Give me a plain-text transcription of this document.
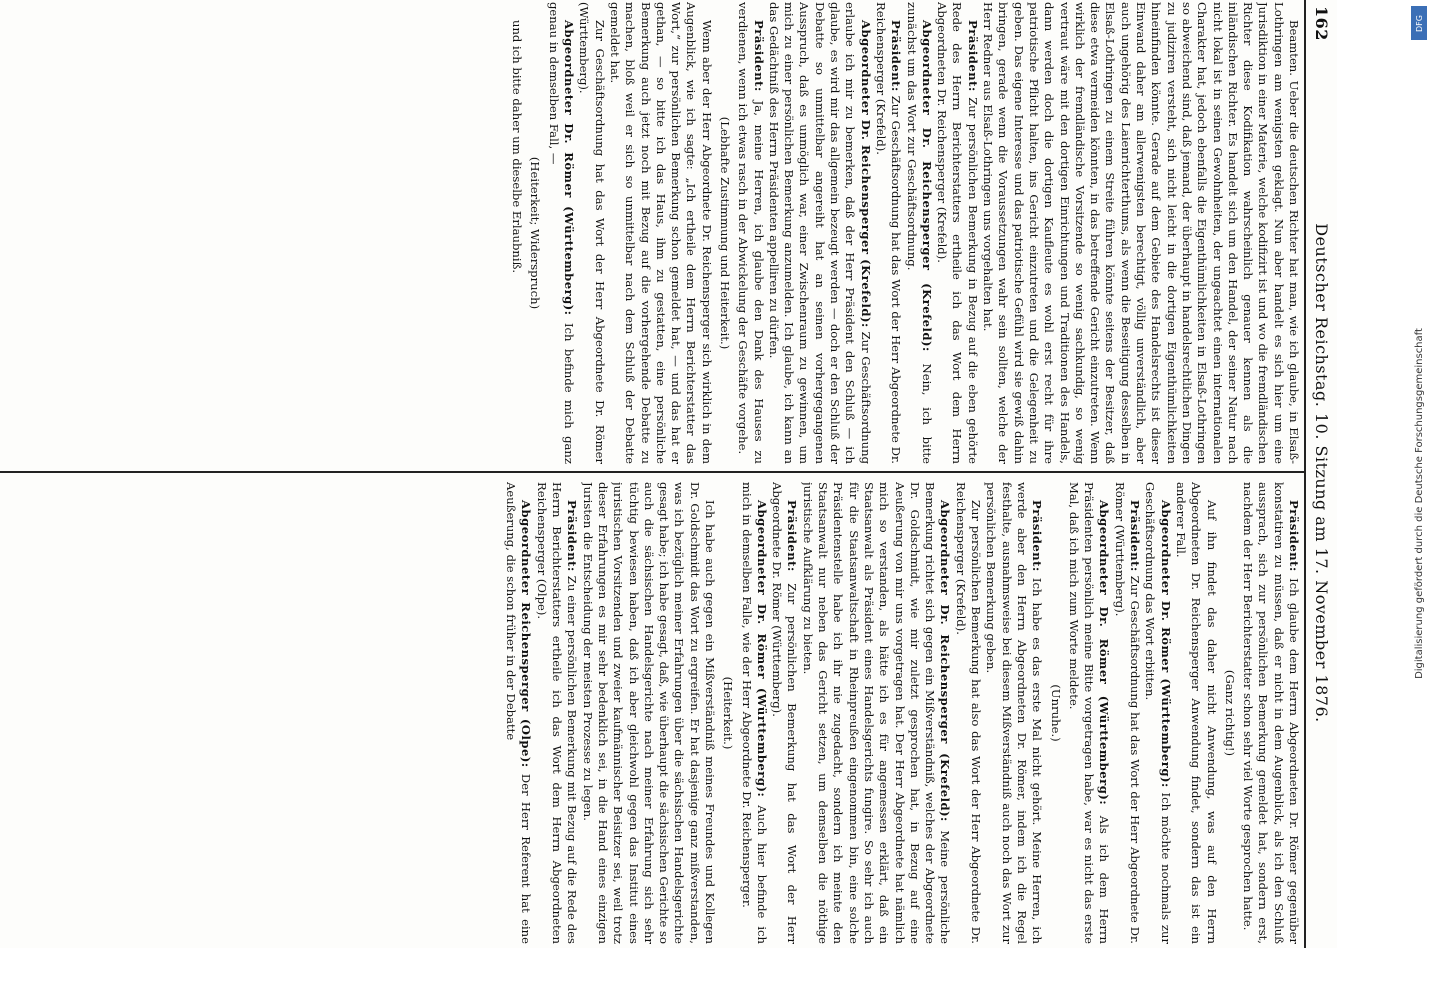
162
Deutscher Reichstag. 10. Sitzung am 17. November 1876.

Beamten. Ueber die deutschen Richter hat man, wie ich glaube, in Elsaß-Lothringen am wenigsten geklagt. Nun aber handelt es sich hier um eine Jurisdiktion in einer Materie, welche kodifizirt ist und wo die fremdländischen Richter diese Kodifikation wahrscheinlich genauer kennen als die inländischen Richter. Es handelt sich um den Handel, der seiner Natur nach nicht lokal ist in seinen Gewohnheiten, der ungeachtet einen internationalen Charakter hat, jedoch ebenfalls die Eigenthümlichkeiten in Elsaß-Lothringen so abweichend sind, daß jemand, der überhaupt in handelsrechtlichen Dingen zu judiziren versteht, sich nicht leicht in die dortigen Eigenthümlichkeiten hineinfinden könnte. Gerade auf dem Gebiete des Handelsrechts ist dieser Einwand daher am allerwenigsten berechtigt, völlig unverständlich, aber auch ungehörig des Laienrichterthums, als wenn die Beseitigung desselben in Elsaß-Lothringen zu einem Streite führen könnte seitens der Besitzer, daß diese etwa vermeiden könnten, in das betreffende Gericht einzutreten. Wenn wirklich der fremdländische Vorsitzende so wenig sachkundig, so wenig vertraut wäre mit den dortigen Einrichtungen und Traditionen des Handels, dann werden doch die dortigen Kaufleute es wohl erst recht für ihre patriotische Pflicht halten, ins Gericht einzutreten und die Gelegenheit zu geben. Das eigene Interesse und das patriotische Gefühl wird sie gewiß dahin bringen, gerade wenn die Voraussetzungen wahr sein sollten, welche der Herr Redner aus Elsaß-Lothringen uns vorgehalten hat.

Präsident: Zur persönlichen Bemerkung in Bezug auf die eben gehörte Rede des Herrn Berichterstatters ertheile ich das Wort dem Herrn Abgeordneten Dr. Reichensperger (Krefeld).

Abgeordneter Dr. Reichensperger (Krefeld): Nein, ich bitte zunächst um das Wort zur Geschäftsordnung.

Präsident: Zur Geschäftsordnung hat das Wort der Herr Abgeordnete Dr. Reichensperger (Krefeld).

Abgeordneter Dr. Reichensperger (Krefeld): Zur Geschäftsordnung erlaube ich mir zu bemerken, daß der Herr Präsident den Schluß — ich glaube, es wird mir das allgemein bezeugt werden — doch er den Schluß der Debatte so unmittelbar angereiht hat an seinen vorhergegangenen Ausspruch, daß es unmöglich war, einer Zwischenraum zu gewinnen, um mich zu einer persönlichen Bemerkung anzumelden. Ich glaube, ich kann an das Gedächtniß des Herrn Präsidenten appelliren zu dürfen.

Präsident: Ja, meine Herren, ich glaube den Dank des Hauses zu verdienen, wenn ich etwas rasch in der Abwickelung der Geschäfte vorgehe.

(Lebhafte Zustimmung und Heiterkeit.)

Wenn aber der Herr Abgeordnete Dr. Reichensperger sich wirklich in dem Augenblick, wie ich sagte: „Ich ertheile dem Herrn Berichterstatter das Wort,“ zur persönlichen Bemerkung schon gemeldet hat, — und das hat er gethan, — so bitte ich das Haus, ihm zu gestatten, eine persönliche Bemerkung auch jetzt noch mit Bezug auf die vorhergehende Debatte zu machen, bloß weil er sich so unmittelbar nach dem Schluß der Debatte gemeldet hat.

Zur Geschäftsordnung hat das Wort der Herr Abgeordnete Dr. Römer (Württemberg).

Abgeordneter Dr. Römer (Württemberg): Ich befinde mich ganz genau in demselben Fall, —

(Heiterkeit; Widerspruch)

und ich bitte daher um dieselbe Erlaubniß.

Präsident: Ich glaube dem Herrn Abgeordneten Dr. Römer gegenüber konstatiren zu müssen, daß er nicht in dem Augenblick, als ich den Schluß aussprach, sich zur persönlichen Bemerkung gemeldet hat, sondern erst, nachdem der Herr Berichterstatter schon sehr viel Worte gesprochen hatte.

(Ganz richtig!)

Auf ihn findet das daher nicht Anwendung, was auf den Herrn Abgeordneten Dr. Reichensperger Anwendung findet, sondern das ist ein anderer Fall.

Abgeordneter Dr. Römer (Württemberg): Ich möchte nochmals zur Geschäftsordnung das Wort erbitten.

Präsident: Zur Geschäftsordnung hat das Wort der Herr Abgeordnete Dr. Römer (Württemberg).

Abgeordneter Dr. Römer (Württemberg): Als ich dem Herrn Präsidenten persönlich meine Bitte vorgetragen habe, war es nicht das erste Mal, daß ich mich zum Worte meldete.

(Unruhe.)

Präsident: Ich habe es das erste Mal nicht gehört. Meine Herren, ich werde aber den Herrn Abgeordneten Dr. Römer, indem ich die Regel festhalte, ausnahmsweise bei diesem Mißverständniß auch noch das Wort zur persönlichen Bemerkung geben.

Zur persönlichen Bemerkung hat also das Wort der Herr Abgeordnete Dr. Reichensperger (Krefeld).

Abgeordneter Dr. Reichensperger (Krefeld): Meine persönliche Bemerkung richtet sich gegen ein Mißverständniß, welches der Abgeordnete Dr. Goldschmidt, wie mir zuletzt gesprochen hat, in Bezug auf eine Aeußerung von mir uns vorgetragen hat. Der Herr Abgeordnete hat nämlich mich so verstanden, als hätte ich es für angemessen erklärt, daß ein Staatsanwalt als Präsident eines Handelsgerichts fungire. So sehr ich auch für die Staatsanwaltschaft in Rheinpreußen eingenommen bin, eine solche Präsidentenstelle habe ich ihr nie zugedacht, sondern ich meinte den Staatsanwalt nur neben das Gericht setzen, um demselben die nöthige juristische Aufklärung zu bieten.

Präsident: Zur persönlichen Bemerkung hat das Wort der Herr Abgeordnete Dr. Römer (Württemberg).

Abgeordneter Dr. Römer (Württemberg): Auch hier befinde ich mich in demselben Falle, wie der Herr Abgeordnete Dr. Reichensperger.

(Heiterkeit.)

Ich habe auch gegen ein Mißverständniß meines Freundes und Kollegen Dr. Goldschmidt das Wort zu ergreifen. Er hat dasjenige ganz mißverstanden, was ich bezüglich meiner Erfahrungen über die sächsischen Handelsgerichte gesagt habe; ich habe gesagt, daß, wie überhaupt die sächsischen Gerichte so auch die sächsischen Handelsgerichte nach meiner Erfahrung sich sehr tüchtig bewiesen haben, daß ich aber gleichwohl gegen das Institut eines juristischen Vorsitzenden und zweier kaufmännischer Beisitzer sei, weil trotz dieser Erfahrungen es mir sehr bedenklich sei, in die Hand eines einzigen Juristen die Entscheidung der meisten Prozesse zu legen.

Präsident: Zu einer persönlichen Bemerkung mit Bezug auf die Rede des Herrn Berichterstatters ertheile ich das Wort dem Herrn Abgeordneten Reichensperger (Olpe).

Abgeordneter Reichensperger (Olpe): Der Herr Referent hat eine Aeußerung, die schon früher in der Debatte	Digitalisierung gefördert durch die Deutsche Forschungsgemeinschaft
DFG
